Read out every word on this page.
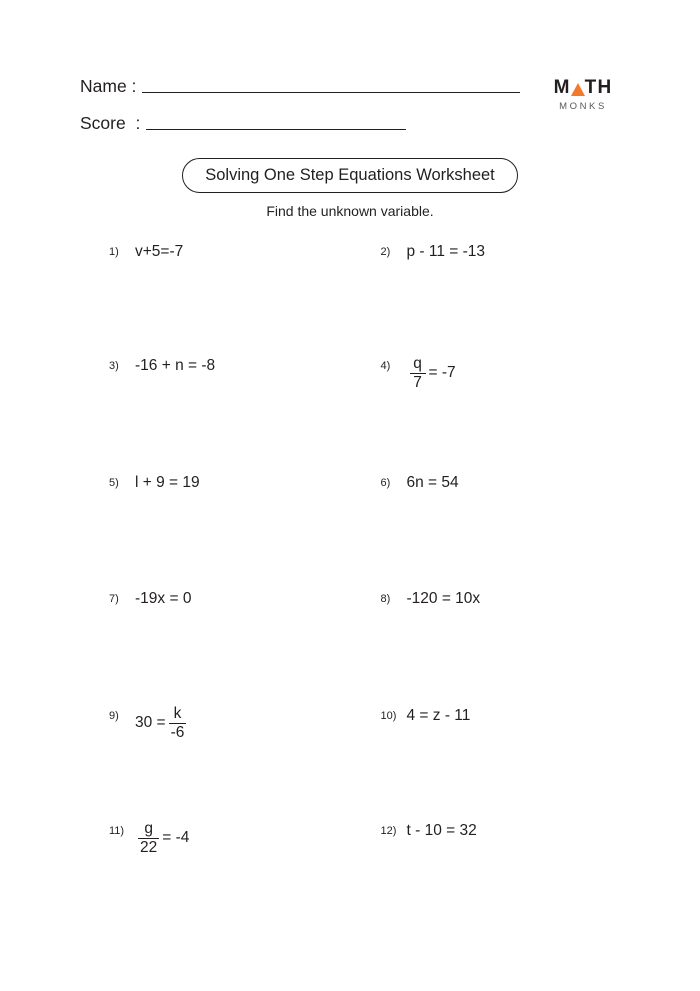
Name :
Score  :
M TH
MONKS
Solving One Step Equations Worksheet
Find the unknown variable.
1)	v+5=-7	2)	p - 11 = -13
3)	-16 + n = -8	4)	$\frac{q}{7} = -7$
5)	l + 9 = 19	6)	6n = 54
7)	-19x = 0	8)	-120 = 10x
9)	$30 = \frac{k}{-6}$	10) 4 = z - 11
$11) \frac{g}{22} = -4$	12) t - 10 = 32
